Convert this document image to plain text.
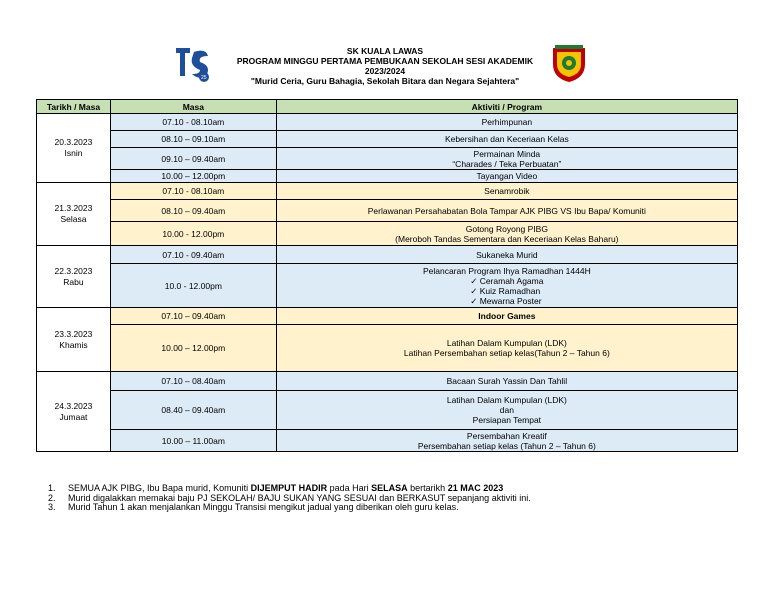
25
SK KUALA LAWAS
PROGRAM MINGGU PERTAMA PEMBUKAAN SEKOLAH SESI AKADEMIK
2023/2024
"Murid Ceria, Guru Bahagia, Sekolah Bitara dan Negara Sejahtera"
Tarikh / Masa	Masa	Aktiviti / Program

20.3.2023
Isnin	07.10 - 08.10am	Perhimpunan

	08.10 – 09.10am	Kebersihan dan Keceriaan Kelas

	09.10 – 09.40am	Permainan Minda
“Charades / Teka Perbuatan”

	10.00 – 12.00pm	Tayangan Video

21.3.2023
Selasa	07.10 - 08.10am	Senamrobik

	08.10 – 09.40am	Perlawanan Persahabatan Bola Tampar AJK PIBG VS Ibu Bapa/ Komuniti

	10.00 - 12.00pm	Gotong Royong PIBG
(Meroboh Tandas Sementara dan Keceriaan Kelas Baharu)

22.3.2023
Rabu	07.10 - 09.40am	Sukaneka Murid

	10.0 - 12.00pm	Pelancaran Program Ihya Ramadhan 1444H
✓ Ceramah Agama
✓ Kuiz Ramadhan
✓ Mewarna Poster

23.3.2023
Khamis	07.10 – 09.40am	Indoor Games

	10.00 – 12.00pm	Latihan Dalam Kumpulan (LDK)
Latihan Persembahan setiap kelas(Tahun 2 – Tahun 6)

24.3.2023
Jumaat	07.10 – 08.40am	Bacaan Surah Yassin Dan Tahlil

	08.40 – 09.40am	Latihan Dalam Kumpulan (LDK)
dan
Persiapan Tempat

	10.00 – 11.00am	Persembahan Kreatif
Persembahan setiap kelas (Tahun 2 – Tahun 6)
1.	SEMUA AJK PIBG, Ibu Bapa murid, Komuniti DIJEMPUT HADIR pada Hari SELASA bertarikh 21 MAC 2023
2.	Murid digalakkan memakai baju PJ SEKOLAH/ BAJU SUKAN YANG SESUAI dan BERKASUT sepanjang aktiviti ini.
3.	Murid Tahun 1 akan menjalankan Minggu Transisi mengikut jadual yang diberikan oleh guru kelas.
